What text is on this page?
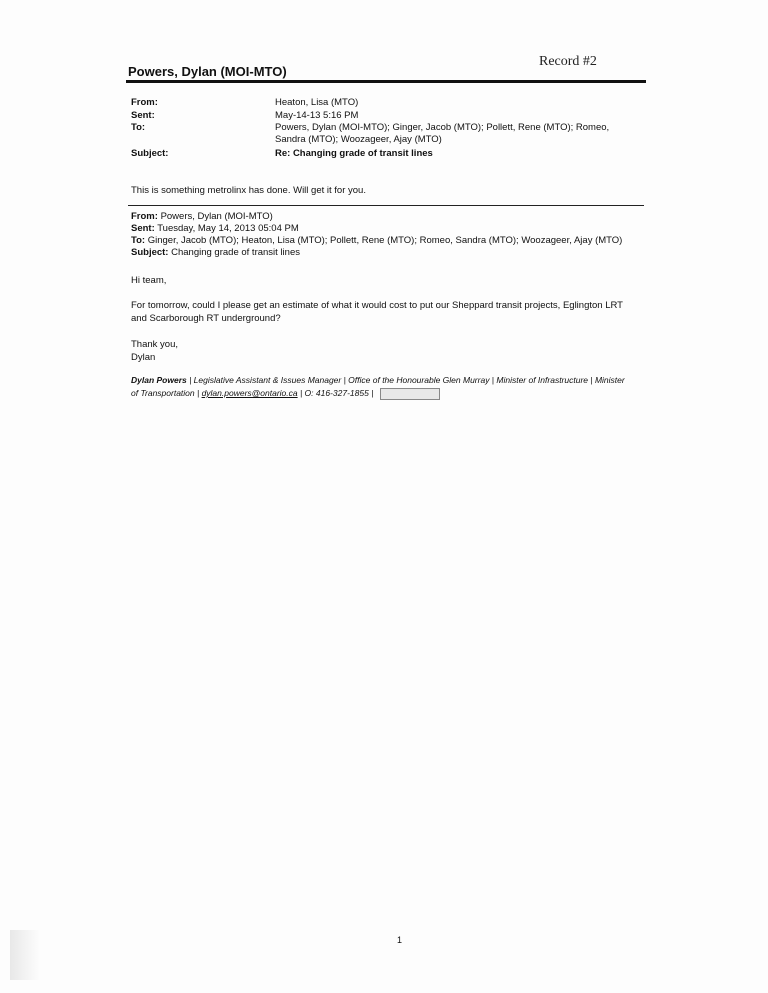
Record #2
Powers, Dylan (MOI-MTO)
From:	Heaton, Lisa (MTO)
Sent:	May-14-13 5:16 PM
To:	Powers, Dylan (MOI-MTO); Ginger, Jacob (MTO); Pollett, Rene (MTO); Romeo, Sandra (MTO); Woozageer, Ajay (MTO)
Subject:	Re: Changing grade of transit lines
This is something metrolinx has done. Will get it for you.
From: Powers, Dylan (MOI-MTO)
Sent: Tuesday, May 14, 2013 05:04 PM
To: Ginger, Jacob (MTO); Heaton, Lisa (MTO); Pollett, Rene (MTO); Romeo, Sandra (MTO); Woozageer, Ajay (MTO)
Subject: Changing grade of transit lines
Hi team,
For tomorrow, could I please get an estimate of what it would cost to put our Sheppard transit projects, Eglington LRT
and Scarborough RT underground?
Thank you,
Dylan
Dylan Powers | Legislative Assistant & Issues Manager | Office of the Honourable Glen Murray | Minister of Infrastructure | Minister
of Transportation | dylan.powers@ontario.ca | O: 416-327-1855 |
1
